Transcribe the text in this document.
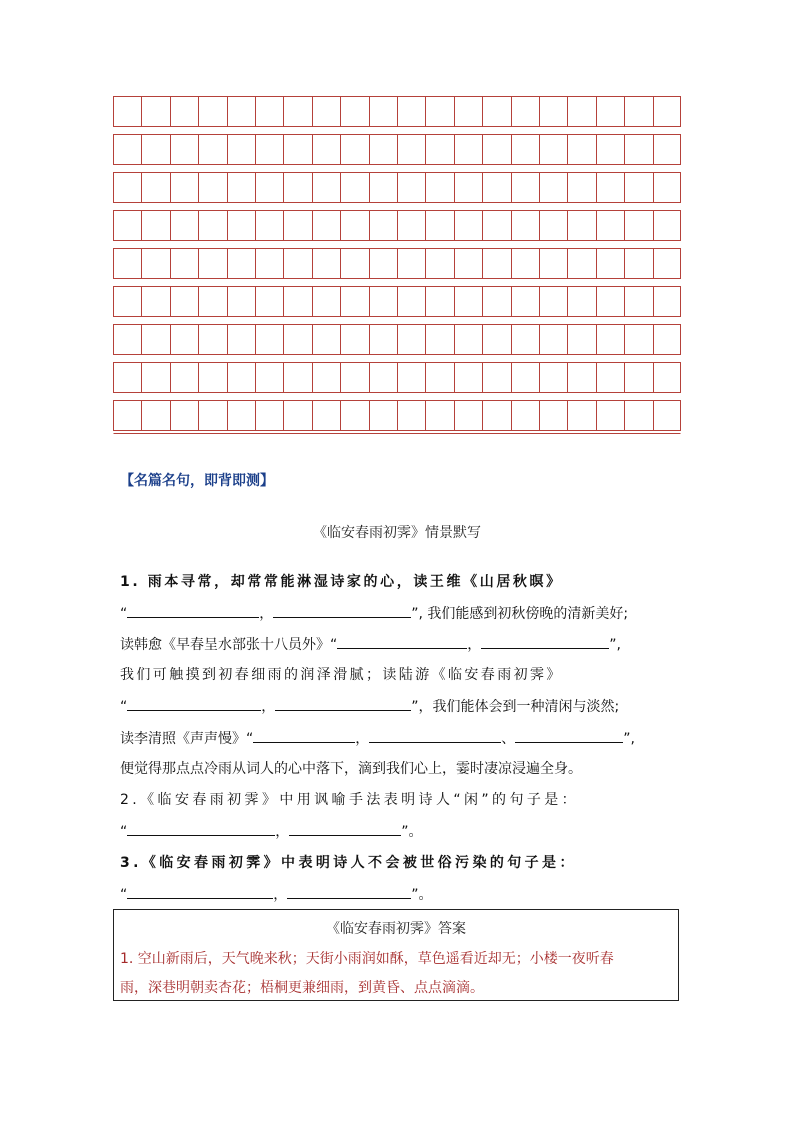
【名篇名句，即背即测】
《临安春雨初霁》情景默写
1. 雨本寻常，却常常能淋湿诗家的心，读王维《山居秋暝》
“	，	”, 我们能感到初秋傍晚的清新美好;
读韩愈《早春呈水部张十八员外》“	，	”,
我们可触摸到初春细雨的润泽滑腻；读陆游《临安春雨初霁》
“	，	”，我们能体会到一种清闲与淡然;
读李清照《声声慢》“	，	、	”,
便觉得那点点冷雨从词人的心中落下，滴到我们心上，霎时凄凉浸遍全身。
2.《临安春雨初霁》中用讽喻手法表明诗人“闲”的句子是：
“	，	”。
3.《临安春雨初霁》中表明诗人不会被世俗污染的句子是：
“	，	”。
《临安春雨初霁》答案
1. 空山新雨后，天气晚来秋；天街小雨润如酥，草色遥看近却无；小楼一夜听春
雨，深巷明朝卖杏花；梧桐更兼细雨，到黄昏、点点滴滴。
